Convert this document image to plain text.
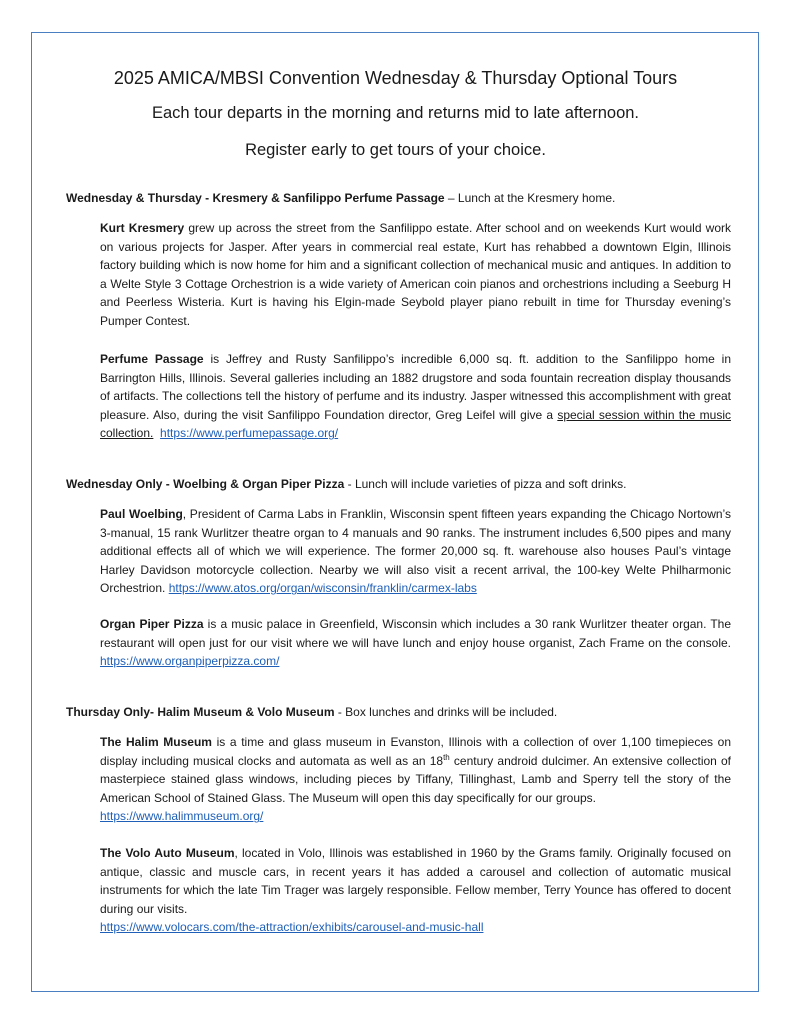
2025 AMICA/MBSI Convention Wednesday & Thursday Optional Tours
Each tour departs in the morning and returns mid to late afternoon.
Register early to get tours of your choice.
Wednesday & Thursday - Kresmery & Sanfilippo Perfume Passage – Lunch at the Kresmery home.
Kurt Kresmery grew up across the street from the Sanfilippo estate. After school and on weekends Kurt would work on various projects for Jasper. After years in commercial real estate, Kurt has rehabbed a downtown Elgin, Illinois factory building which is now home for him and a significant collection of mechanical music and antiques. In addition to a Welte Style 3 Cottage Orchestrion is a wide variety of American coin pianos and orchestrions including a Seeburg H and Peerless Wisteria. Kurt is having his Elgin-made Seybold player piano rebuilt in time for Thursday evening’s Pumper Contest.
Perfume Passage is Jeffrey and Rusty Sanfilippo’s incredible 6,000 sq. ft. addition to the Sanfilippo home in Barrington Hills, Illinois. Several galleries including an 1882 drugstore and soda fountain recreation display thousands of artifacts. The collections tell the history of perfume and its industry. Jasper witnessed this accomplishment with great pleasure. Also, during the visit Sanfilippo Foundation director, Greg Leifel will give a special session within the music collection. https://www.perfumepassage.org/
Wednesday Only - Woelbing & Organ Piper Pizza - Lunch will include varieties of pizza and soft drinks.
Paul Woelbing, President of Carma Labs in Franklin, Wisconsin spent fifteen years expanding the Chicago Nortown’s 3-manual, 15 rank Wurlitzer theatre organ to 4 manuals and 90 ranks. The instrument includes 6,500 pipes and many additional effects all of which we will experience. The former 20,000 sq. ft. warehouse also houses Paul’s vintage Harley Davidson motorcycle collection. Nearby we will also visit a recent arrival, the 100-key Welte Philharmonic Orchestrion. https://www.atos.org/organ/wisconsin/franklin/carmex-labs
Organ Piper Pizza is a music palace in Greenfield, Wisconsin which includes a 30 rank Wurlitzer theater organ. The restaurant will open just for our visit where we will have lunch and enjoy house organist, Zach Frame on the console. https://www.organpiperpizza.com/
Thursday Only- Halim Museum & Volo Museum - Box lunches and drinks will be included.
The Halim Museum is a time and glass museum in Evanston, Illinois with a collection of over 1,100 timepieces on display including musical clocks and automata as well as an 18th century android dulcimer. An extensive collection of masterpiece stained glass windows, including pieces by Tiffany, Tillinghast, Lamb and Sperry tell the story of the American School of Stained Glass. The Museum will open this day specifically for our groups.
https://www.halimmuseum.org/
The Volo Auto Museum, located in Volo, Illinois was established in 1960 by the Grams family. Originally focused on antique, classic and muscle cars, in recent years it has added a carousel and collection of automatic musical instruments for which the late Tim Trager was largely responsible. Fellow member, Terry Younce has offered to docent during our visits.
https://www.volocars.com/the-attraction/exhibits/carousel-and-music-hall
